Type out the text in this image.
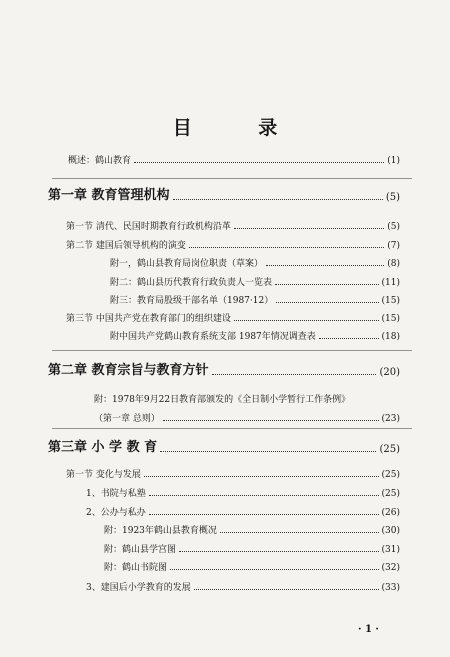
目 录
概述：鹤山教育	(1)
第一章 教育管理机构	(5)
第一节 清代、民国时期教育行政机构沿革	(5)
第二节 建国后领导机构的演变	(7)
附一，鹤山县教育局岗位职责（草案）	(8)
附二：鹤山县历代教育行政负责人一览表	(11)
附三：教育局股级干部名单（1987·12）	(15)
第三节 中国共产党在教育部门的组织建设	(15)
附中国共产党鹤山教育系统支部 1987年情况调查表	(18)
第二章 教育宗旨与教育方针	(20)
附：1978年9月22日教育部颁发的《全日制小学暂行工作条例》
（第一章 总则）	(23)
第三章 小 学 教 育	(25)
第一节 变化与发展	(25)
1、书院与私塾	(25)
2、公办与私办	(26)
附：1923年鹤山县教育概况	(30)
附：鹤山县学宫图	(31)
附：鹤山书院图	(32)
3、建国后小学教育的发展	(33)
· 1 ·
